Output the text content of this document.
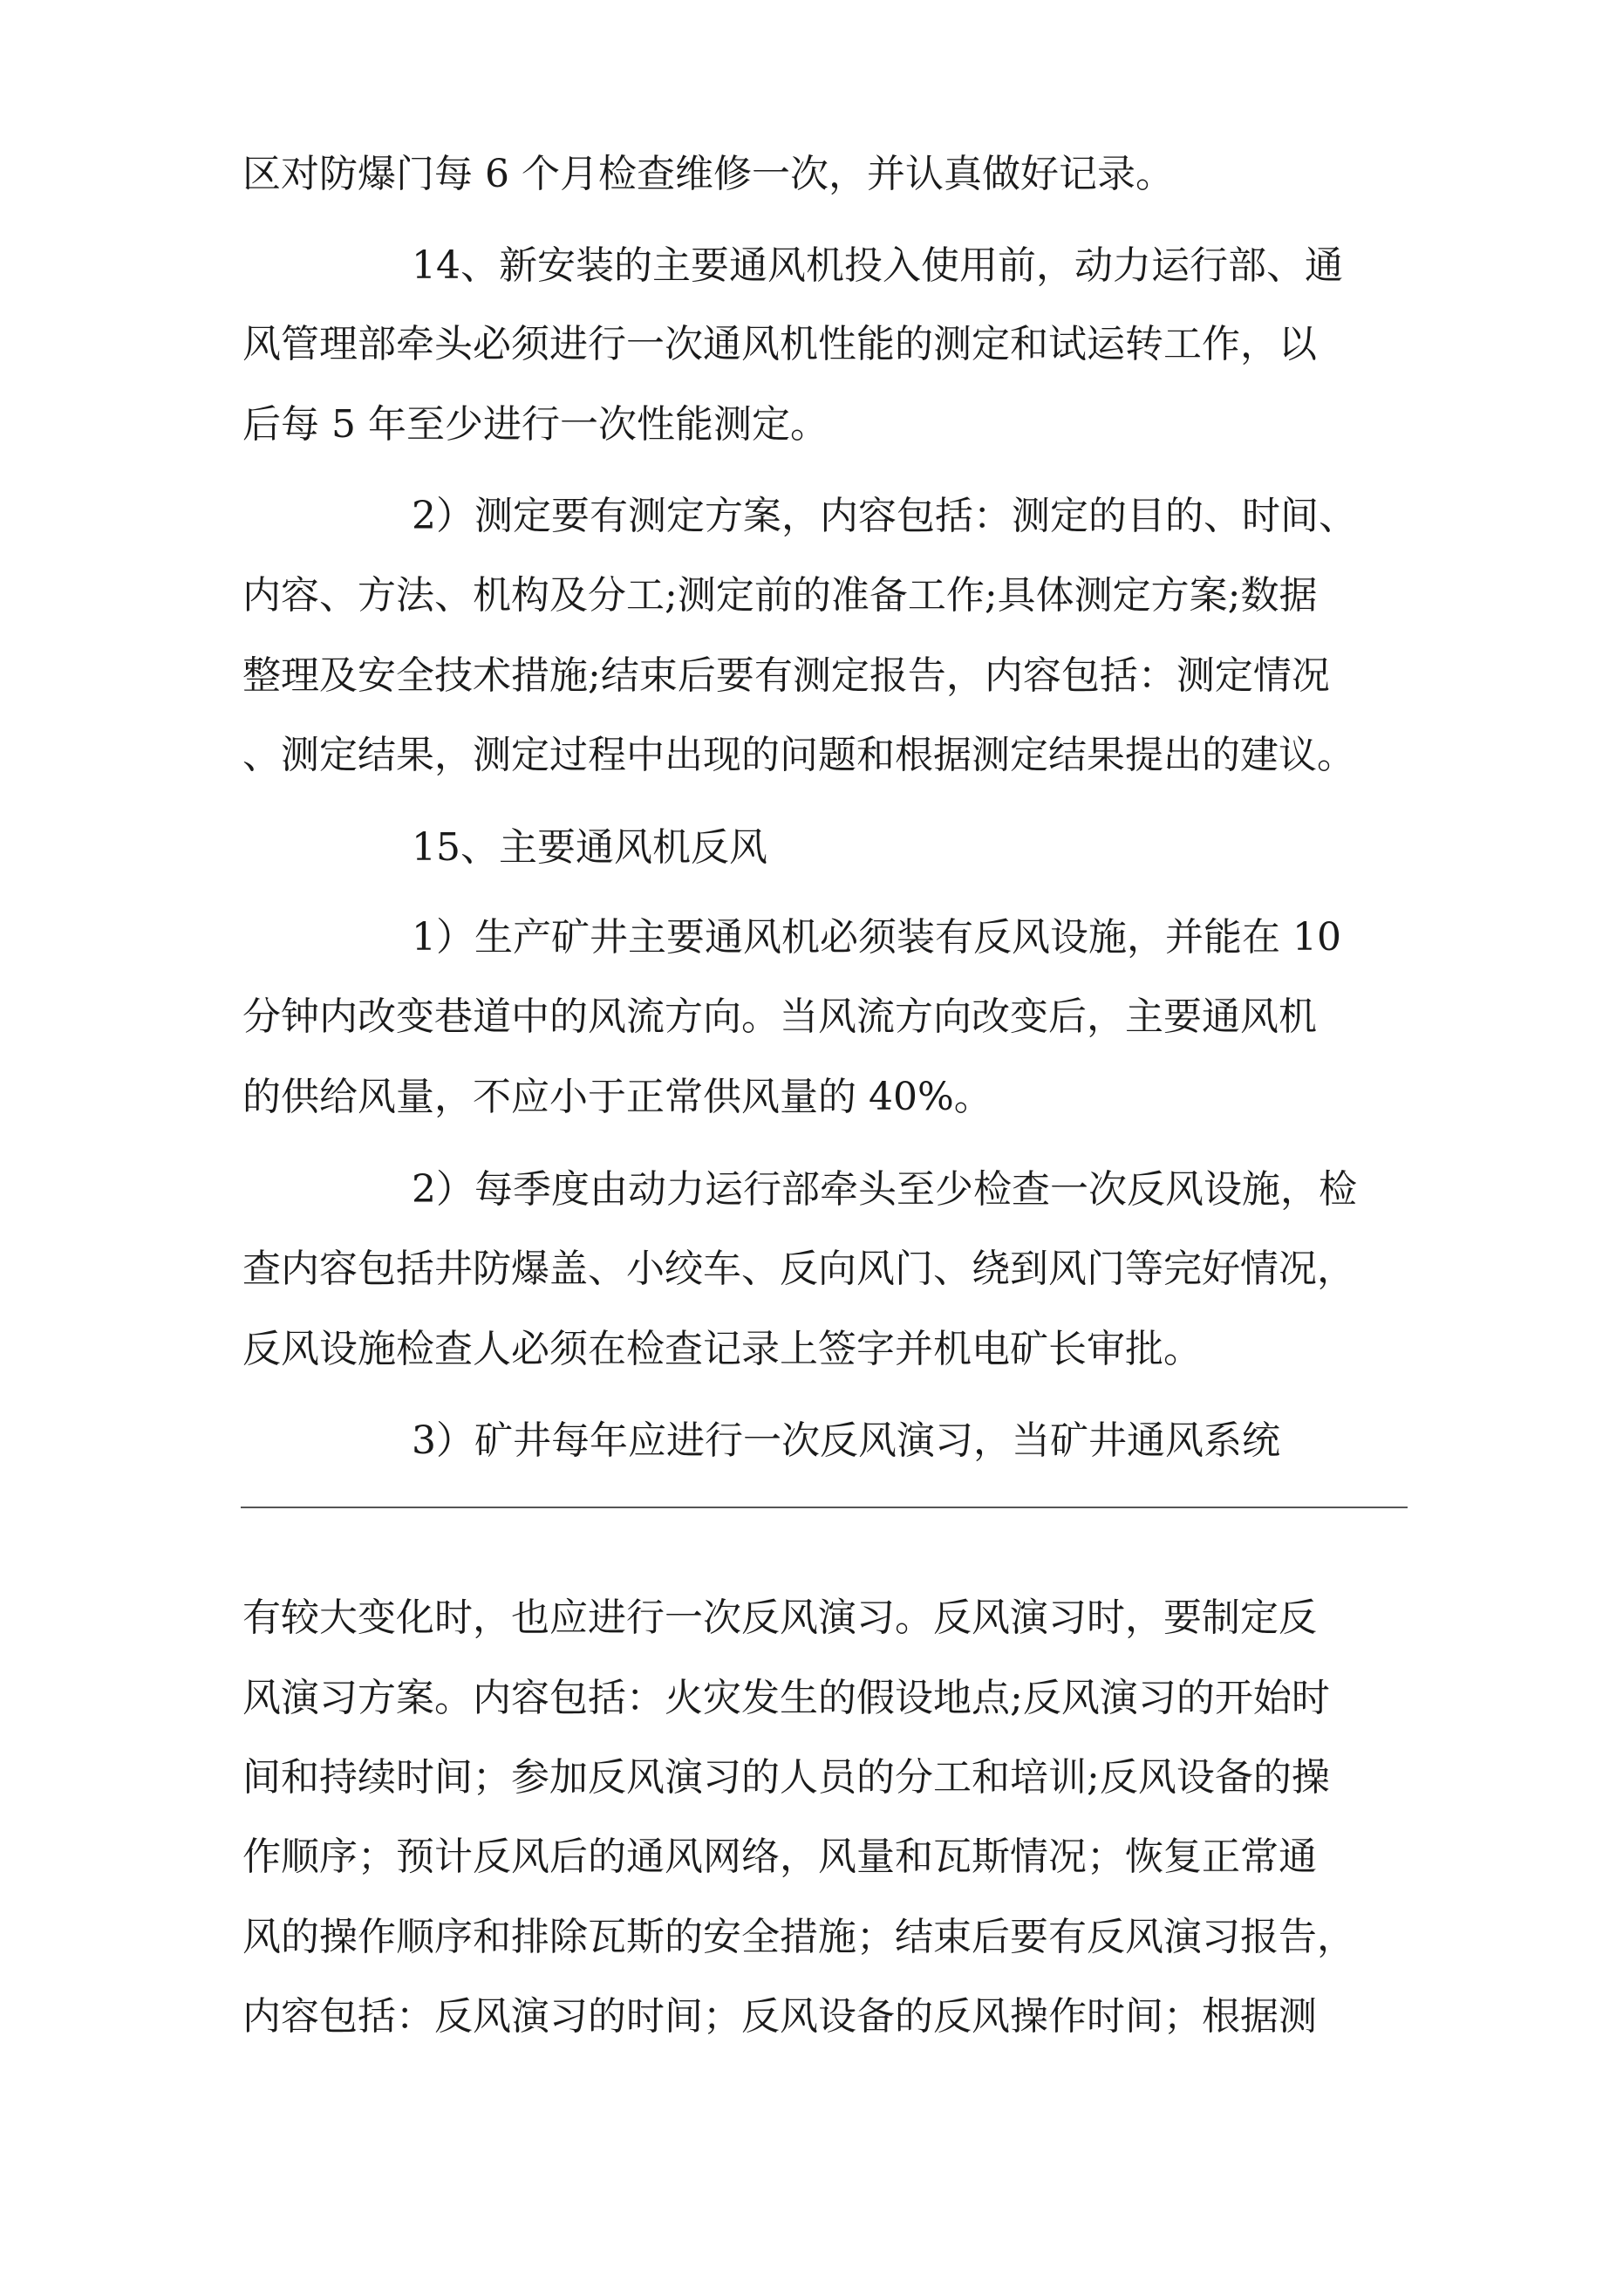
区对防爆门每 6 个月检查维修一次，并认真做好记录。
14、新安装的主要通风机投入使用前，动力运行部、通
风管理部牵头必须进行一次通风机性能的测定和试运转工作，以
后每 5 年至少进行一次性能测定。
2）测定要有测定方案，内容包括：测定的目的、时间、
内容、方法、机构及分工;测定前的准备工作;具体测定方案;数据
整理及安全技术措施;结束后要有测定报告，内容包括：测定情况
、测定结果，测定过程中出现的问题和根据测定结果提出的建议。
15、主要通风机反风
1）生产矿井主要通风机必须装有反风设施，并能在 10
分钟内改变巷道中的风流方向。当风流方向改变后，主要通风机
的供给风量，不应小于正常供风量的 40%。
2）每季度由动力运行部牵头至少检查一次反风设施，检
查内容包括井防爆盖、小绞车、反向风门、绕到风门等完好情况，
反风设施检查人必须在检查记录上签字并机电矿长审批。
3）矿井每年应进行一次反风演习，当矿井通风系统
有较大变化时，也应进行一次反风演习。反风演习时，要制定反
风演习方案。内容包括：火灾发生的假设地点;反风演习的开始时
间和持续时间；参加反风演习的人员的分工和培训;反风设备的操
作顺序；预计反风后的通风网络，风量和瓦斯情况；恢复正常通
风的操作顺序和排除瓦斯的安全措施；结束后要有反风演习报告，
内容包括：反风演习的时间；反风设备的反风操作时间；根据测
